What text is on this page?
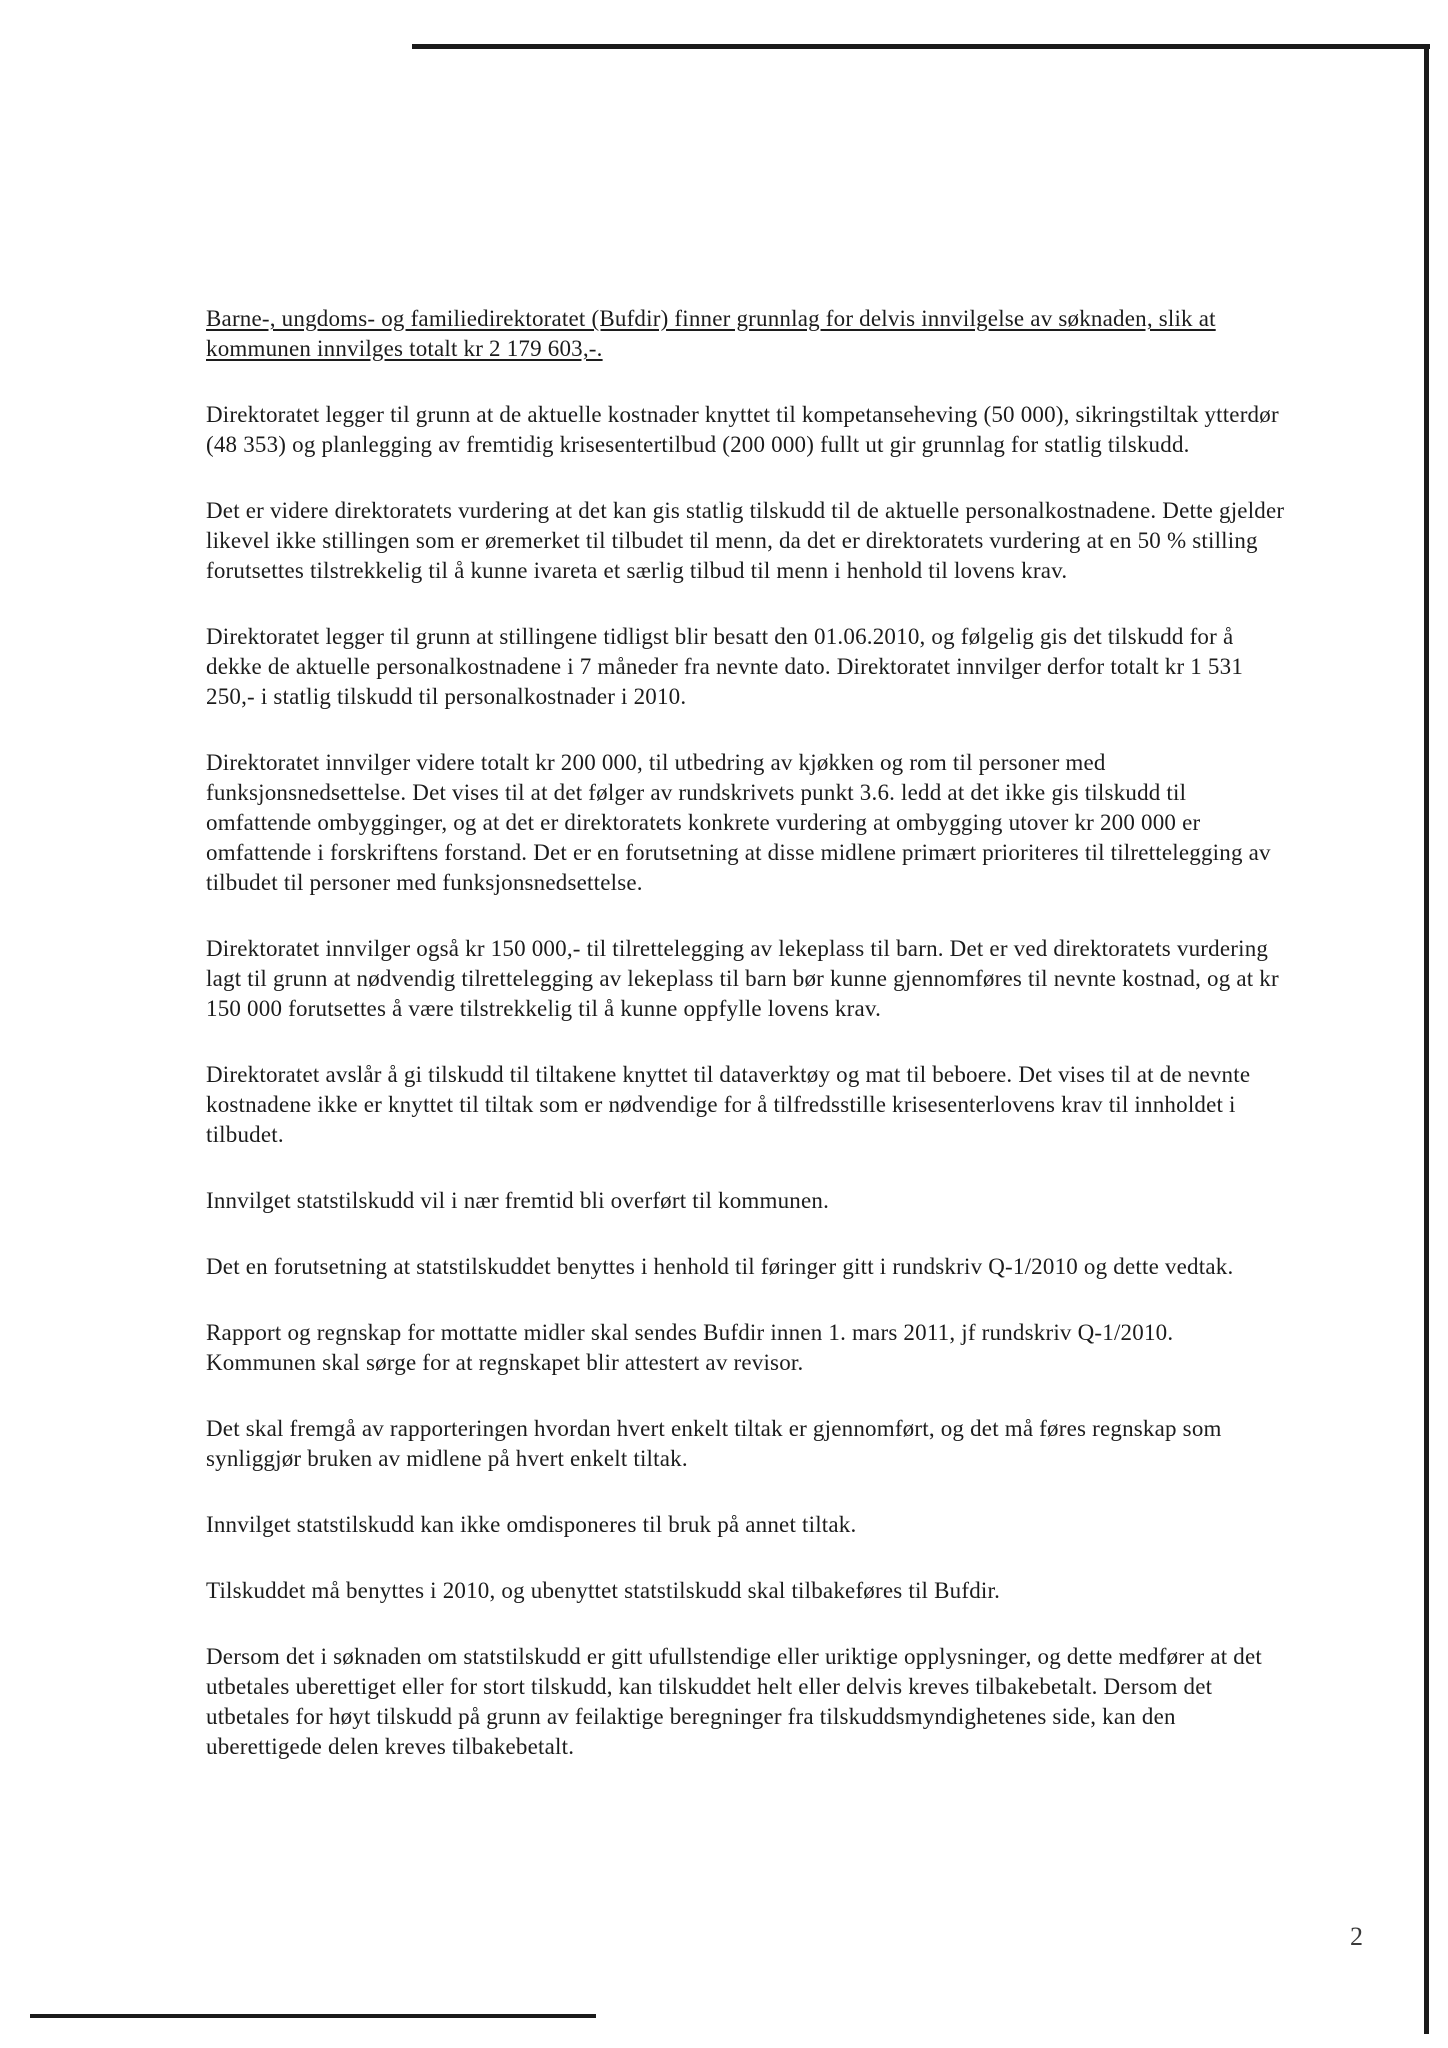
Barne-, ungdoms- og familiedirektoratet (Bufdir) finner grunnlag for delvis innvilgelse av søknaden, slik at kommunen innvilges totalt kr 2 179 603,-.

Direktoratet legger til grunn at de aktuelle kostnader knyttet til kompetanseheving (50 000), sikringstiltak ytterdør (48 353) og planlegging av fremtidig krisesentertilbud (200 000) fullt ut gir grunnlag for statlig tilskudd.

Det er videre direktoratets vurdering at det kan gis statlig tilskudd til de aktuelle personalkostnadene. Dette gjelder likevel ikke stillingen som er øremerket til tilbudet til menn, da det er direktoratets vurdering at en 50 % stilling forutsettes tilstrekkelig til å kunne ivareta et særlig tilbud til menn i henhold til lovens krav.

Direktoratet legger til grunn at stillingene tidligst blir besatt den 01.06.2010, og følgelig gis det tilskudd for å dekke de aktuelle personalkostnadene i 7 måneder fra nevnte dato. Direktoratet innvilger derfor totalt kr 1 531 250,- i statlig tilskudd til personalkostnader i 2010.

Direktoratet innvilger videre totalt kr 200 000, til utbedring av kjøkken og rom til personer med funksjonsnedsettelse. Det vises til at det følger av rundskrivets punkt 3.6. ledd at det ikke gis tilskudd til omfattende ombygginger, og at det er direktoratets konkrete vurdering at ombygging utover kr 200 000 er omfattende i forskriftens forstand. Det er en forutsetning at disse midlene primært prioriteres til tilrettelegging av tilbudet til personer med funksjonsnedsettelse.

Direktoratet innvilger også kr 150 000,- til tilrettelegging av lekeplass til barn. Det er ved direktoratets vurdering lagt til grunn at nødvendig tilrettelegging av lekeplass til barn bør kunne gjennomføres til nevnte kostnad, og at kr 150 000 forutsettes å være tilstrekkelig til å kunne oppfylle lovens krav.

Direktoratet avslår å gi tilskudd til tiltakene knyttet til dataverktøy og mat til beboere. Det vises til at de nevnte kostnadene ikke er knyttet til tiltak som er nødvendige for å tilfredsstille krisesenterlovens krav til innholdet i tilbudet.

Innvilget statstilskudd vil i nær fremtid bli overført til kommunen.

Det en forutsetning at statstilskuddet benyttes i henhold til føringer gitt i rundskriv Q-1/2010 og dette vedtak.

Rapport og regnskap for mottatte midler skal sendes Bufdir innen 1. mars 2011, jf rundskriv Q-1/2010. Kommunen skal sørge for at regnskapet blir attestert av revisor.

Det skal fremgå av rapporteringen hvordan hvert enkelt tiltak er gjennomført, og det må føres regnskap som synliggjør bruken av midlene på hvert enkelt tiltak.

Innvilget statstilskudd kan ikke omdisponeres til bruk på annet tiltak.

Tilskuddet må benyttes i 2010, og ubenyttet statstilskudd skal tilbakeføres til Bufdir.

Dersom det i søknaden om statstilskudd er gitt ufullstendige eller uriktige opplysninger, og dette medfører at det utbetales uberettiget eller for stort tilskudd, kan tilskuddet helt eller delvis kreves tilbakebetalt. Dersom det utbetales for høyt tilskudd på grunn av feilaktige beregninger fra tilskuddsmyndighetenes side, kan den uberettigede delen kreves tilbakebetalt.

2
